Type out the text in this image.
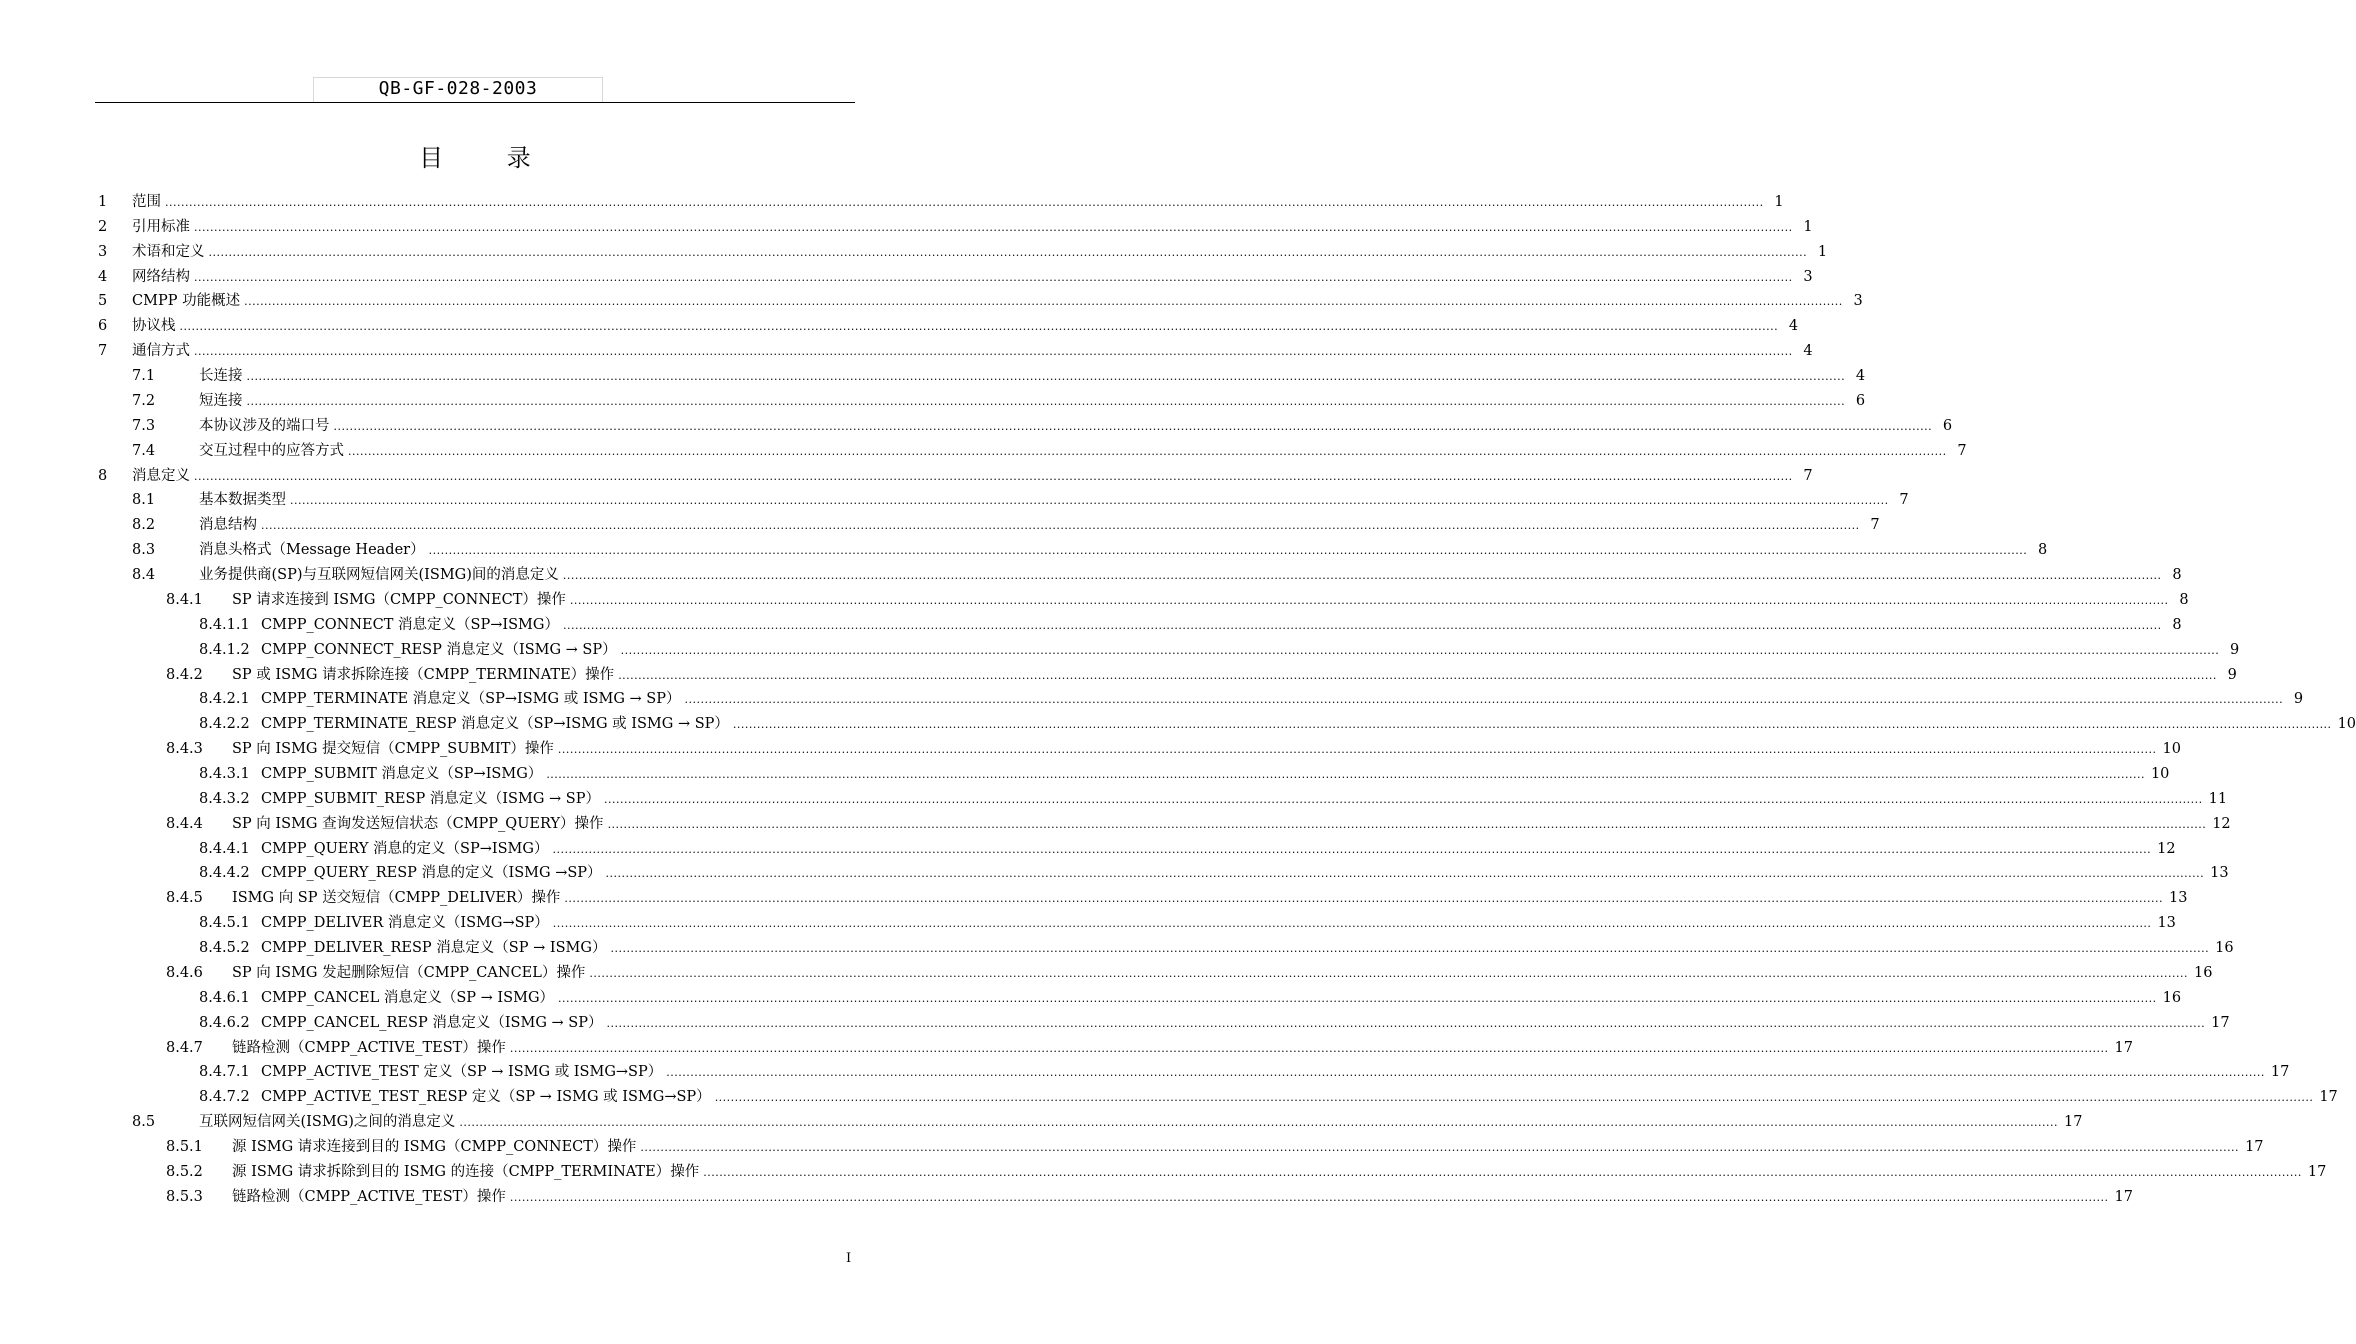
QB-GF-028-2003
目 录
1 范围 ................................................................................................................................................................................................................................................................................................................................................................................................................ 1
2 引用标准 ................................................................................................................................................................................................................................................................................................................................................................................................................ 1
3 术语和定义 ................................................................................................................................................................................................................................................................................................................................................................................................................ 1
4 网络结构 ................................................................................................................................................................................................................................................................................................................................................................................................................ 3
5 CMPP 功能概述 ................................................................................................................................................................................................................................................................................................................................................................................................................ 3
6 协议栈 ................................................................................................................................................................................................................................................................................................................................................................................................................ 4
7 通信方式 ................................................................................................................................................................................................................................................................................................................................................................................................................ 4
7.1	长连接 ................................................................................................................................................................................................................................................................................................................................................................................................................ 4
7.2	短连接 ................................................................................................................................................................................................................................................................................................................................................................................................................ 6
7.3	本协议涉及的端口号 ................................................................................................................................................................................................................................................................................................................................................................................................................ 6
7.4	交互过程中的应答方式 ................................................................................................................................................................................................................................................................................................................................................................................................................ 7
8 消息定义 ................................................................................................................................................................................................................................................................................................................................................................................................................ 7
8.1	基本数据类型 ................................................................................................................................................................................................................................................................................................................................................................................................................ 7
8.2	消息结构 ................................................................................................................................................................................................................................................................................................................................................................................................................ 7
8.3	消息头格式（Message Header） ................................................................................................................................................................................................................................................................................................................................................................................................................ 8
8.4	业务提供商(SP)与互联网短信网关(ISMG)间的消息定义 ................................................................................................................................................................................................................................................................................................................................................................................................................ 8
8.4.1 SP 请求连接到 ISMG（CMPP_CONNECT）操作 ................................................................................................................................................................................................................................................................................................................................................................................................................ 8
8.4.1.1 CMPP_CONNECT 消息定义（SP→ISMG） ................................................................................................................................................................................................................................................................................................................................................................................................................ 8
8.4.1.2 CMPP_CONNECT_RESP 消息定义（ISMG → SP） ................................................................................................................................................................................................................................................................................................................................................................................................................ 9
8.4.2 SP 或 ISMG 请求拆除连接（CMPP_TERMINATE）操作 ................................................................................................................................................................................................................................................................................................................................................................................................................ 9
8.4.2.1 CMPP_TERMINATE 消息定义（SP→ISMG 或 ISMG → SP） ................................................................................................................................................................................................................................................................................................................................................................................................................ 9
8.4.2.2 CMPP_TERMINATE_RESP 消息定义（SP→ISMG 或 ISMG → SP） ................................................................................................................................................................................................................................................................................................................................................................................................................ 10
8.4.3 SP 向 ISMG 提交短信（CMPP_SUBMIT）操作 ................................................................................................................................................................................................................................................................................................................................................................................................................ 10
8.4.3.1 CMPP_SUBMIT 消息定义（SP→ISMG） ................................................................................................................................................................................................................................................................................................................................................................................................................ 10
8.4.3.2 CMPP_SUBMIT_RESP 消息定义（ISMG → SP） ................................................................................................................................................................................................................................................................................................................................................................................................................ 11
8.4.4 SP 向 ISMG 查询发送短信状态（CMPP_QUERY）操作 ................................................................................................................................................................................................................................................................................................................................................................................................................ 12
8.4.4.1 CMPP_QUERY 消息的定义（SP→ISMG） ................................................................................................................................................................................................................................................................................................................................................................................................................ 12
8.4.4.2 CMPP_QUERY_RESP 消息的定义（ISMG →SP） ................................................................................................................................................................................................................................................................................................................................................................................................................ 13
8.4.5 ISMG 向 SP 送交短信（CMPP_DELIVER）操作 ................................................................................................................................................................................................................................................................................................................................................................................................................ 13
8.4.5.1 CMPP_DELIVER 消息定义（ISMG→SP） ................................................................................................................................................................................................................................................................................................................................................................................................................ 13
8.4.5.2 CMPP_DELIVER_RESP 消息定义（SP → ISMG） ................................................................................................................................................................................................................................................................................................................................................................................................................ 16
8.4.6 SP 向 ISMG 发起删除短信（CMPP_CANCEL）操作 ................................................................................................................................................................................................................................................................................................................................................................................................................ 16
8.4.6.1 CMPP_CANCEL 消息定义（SP → ISMG） ................................................................................................................................................................................................................................................................................................................................................................................................................ 16
8.4.6.2 CMPP_CANCEL_RESP 消息定义（ISMG → SP） ................................................................................................................................................................................................................................................................................................................................................................................................................ 17
8.4.7 链路检测（CMPP_ACTIVE_TEST）操作 ................................................................................................................................................................................................................................................................................................................................................................................................................ 17
8.4.7.1 CMPP_ACTIVE_TEST 定义（SP → ISMG 或 ISMG→SP） ................................................................................................................................................................................................................................................................................................................................................................................................................ 17
8.4.7.2 CMPP_ACTIVE_TEST_RESP 定义（SP → ISMG 或 ISMG→SP） ................................................................................................................................................................................................................................................................................................................................................................................................................ 17
8.5	互联网短信网关(ISMG)之间的消息定义 ................................................................................................................................................................................................................................................................................................................................................................................................................ 17
8.5.1 源 ISMG 请求连接到目的 ISMG（CMPP_CONNECT）操作 ................................................................................................................................................................................................................................................................................................................................................................................................................ 17
8.5.2 源 ISMG 请求拆除到目的 ISMG 的连接（CMPP_TERMINATE）操作 ................................................................................................................................................................................................................................................................................................................................................................................................................ 17
8.5.3 链路检测（CMPP_ACTIVE_TEST）操作 ................................................................................................................................................................................................................................................................................................................................................................................................................ 17
I
